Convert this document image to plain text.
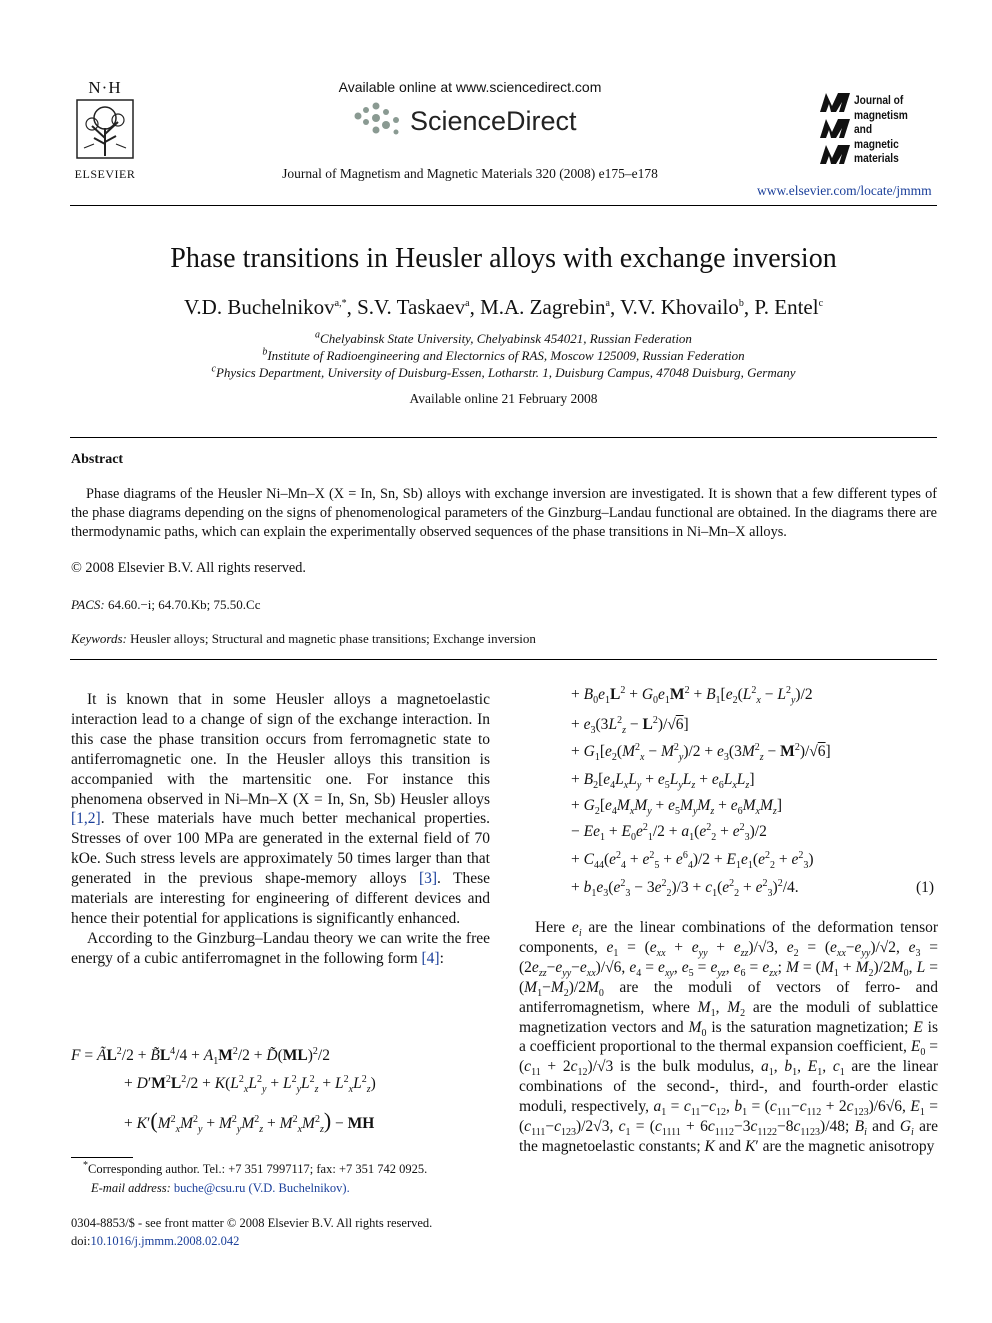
N·H
ELSEVIER
Available online at www.sciencedirect.com
ScienceDirect
Journal of Magnetism and Magnetic Materials 320 (2008) e175–e178
Journal of
magnetism
and
magnetic
materials
www.elsevier.com/locate/jmmm
Phase transitions in Heusler alloys with exchange inversion
V.D. Buchelnikov$^{a,*}$, S.V. Taskaev$^a$, M.A. Zagrebin$^a$, V.V. Khovailo$^b$, P. Entel$^c$
$^a$Chelyabinsk State University, Chelyabinsk 454021, Russian Federation
$^b$Institute of Radioengineering and Electornics of RAS, Moscow 125009, Russian Federation
$^c$Physics Department, University of Duisburg-Essen, Lotharstr. 1, Duisburg Campus, 47048 Duisburg, Germany
Available online 21 February 2008
Abstract
Phase diagrams of the Heusler Ni–Mn–X (X = In, Sn, Sb) alloys with exchange inversion are investigated. It is shown that a few different types of the phase diagrams depending on the signs of phenomenological parameters of the Ginzburg–Landau functional are obtained. In the diagrams there are thermodynamic paths, which can explain the experimentally observed sequences of the phase transitions in Ni–Mn–X alloys.
© 2008 Elsevier B.V. All rights reserved.
PACS: 64.60.−i; 64.70.Kb; 75.50.Cc
Keywords: Heusler alloys; Structural and magnetic phase transitions; Exchange inversion

It is known that in some Heusler alloys a magnetoelastic interaction lead to a change of sign of the exchange interaction. In this case the phase transition occurs from ferromagnetic state to antiferromagnetic one. In the Heusler alloys this transition is accompanied with the martensitic one. For instance this phenomena observed in Ni–Mn–X (X = In, Sn, Sb) Heusler alloys [1,2]. These materials have much better mechanical properties. Stresses of over 100 MPa are generated in the external field of 70 kOe. Such stress levels are approximately 50 times larger than that generated in the previous shape-memory alloys [3]. These materials are interesting for engineering of different devices and hence their potential for applications is significantly enhanced.

According to the Ginzburg–Landau theory we can write the free energy of a cubic antiferromagnet in the following form [4]:

$F = ÃL^2/2$ + $B̃L^4/4 + A_1M^2/2$ + D̃(ML)$^2$/2
+ $D'M^2L^2/2 + K(L^2_xL^2_y + L^2_yL^2_z + L^2_xL^2_z)$
+ $K'(M^2_xM^2_y + M^2_yM^2_z + M^2_xM^2_z)$ − MH
*Corresponding author. Tel.: +7 351 7997117; fax: +7 351 742 0925.
E-mail address: buche@csu.ru (V.D. Buchelnikov).
0304-8853/$ - see front matter © 2008 Elsevier B.V. All rights reserved.
doi:10.1016/j.jmmm.2008.02.042
+ $B_0e_1L^2 + G_0e_1M^2 + B_1[e_2(L^2_x - L^2_y)/2$
+ $e_3(3L^2_z - L^2)/√6$]
+ $G_1[e_2(M^2_x - M^2_y)/2 + e_3(3M^2_z - M^2)/√6]$
+ $B_2[e_4L_xL_y + e_5L_yL_z + e_6L_xL_z]$
+ $G_2[e_4M_xM_y + e_5M_yM_z + e_6M_xM_z]$
− $Ee_1 + E_0e^2_1/2 + a_1(e^2_2 + e^2_3)/2$
+ $C_{44}(e^2_4 + e^2_5 + e^6_4)/2 + E_1e_1(e^2_2 + e^2_3)$
+ $b_1e_3(e^2_3 - 3e^2_2)/3 + c_1(e^2_2 + e^2_3)^2/4$.	(1)

Here $e_i$ are the linear combinations of the deformation tensor components, $e_1 = (e_{xx} + e_{yy} + e_{zz})/√3$, $e_2 = (e_{xx}-e_{yy})/√2$, $e_3 = (2e_{zz}-e_{yy}-e_{xx})/√6$, $e_4 = e_{xy}$, $e_5 = e_{yz}$, $e_6 = e_{zx}$; $M = (M_1 + M_2)/2M_0$, $L = (M_1-M_2)/2M_0$ are the moduli of vectors of ferro- and antiferromagnetism, where $M_1$, $M_2$ are the moduli of sublattice magnetization vectors and $M_0$ is the saturation magnetization; E is a coefficient proportional to the thermal expansion coefficient, $E_0 = (c_{11} + 2c_{12})/√3$ is the bulk modulus, $a_1$, $b_1$, $E_1$, $c_1$ are the linear combinations of the second-, third-, and fourth-order elastic moduli, respectively, $a_1 = c_{11}-c_{12}$, $b_1 = (c_{111}-c_{112} + 2c_{123})/6√6$, $E_1 = (c_{111}-c_{123})/2√3$, $c_1 = (c_{1111} + 6c_{1112}-3c_{1122}-8c_{1123})/48$; $B_i$ and $G_i$ are the magnetoelastic constants; K and K′ are the magnetic anisotropy
